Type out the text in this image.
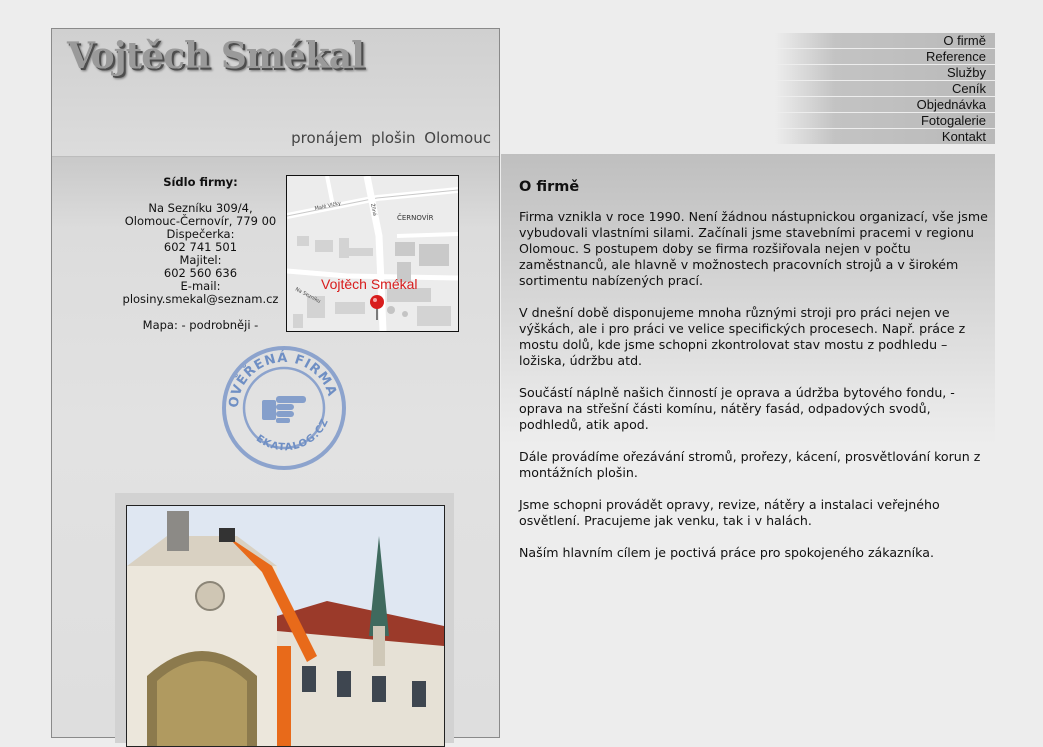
Vojtěch Smékal
pronájem plošin Olomouc
Sídlo firmy:
Na Sezníku 309/4,
Olomouc-Černovír, 779 00
Dispečerka:
602 741 501
Majitel:
602 560 636
E-mail:
plosiny.smekal@seznam.cz
Mapa: - podrobněji -
Malé Vlčky	Žilná
ČERNOVÍR
Na Sezníku
Vojtěch Smékal
OVĚŘENÁ FIRMA
EKATALOG.CZ
O firmě
Reference
Služby
Ceník
Objednávka
Fotogalerie
Kontakt
O firmě

Firma vznikla v roce 1990. Není žádnou nástupnickou organizací, vše jsme vybudovali vlastními silami. Začínali jsme stavebními pracemi v regionu Olomouc. S postupem doby se firma rozšiřovala nejen v počtu zaměstnanců, ale hlavně v možnostech pracovních strojů a v širokém sortimentu nabízených prací.

V dnešní době disponujeme mnoha různými stroji pro práci nejen ve výškách, ale i pro práci ve velice specifických procesech. Např. práce z mostu dolů, kde jsme schopni zkontrolovat stav mostu z podhledu – ložiska, údržbu atd.

Součástí náplně našich činností je oprava a údržba bytového fondu, - oprava na střešní části komínu, nátěry fasád, odpadových svodů, podhledů, atik apod.

Dále provádíme ořezávání stromů, prořezy, kácení, prosvětlování korun z montážních plošin.

Jsme schopni provádět opravy, revize, nátěry a instalaci veřejného osvětlení. Pracujeme jak venku, tak i v halách.

Naším hlavním cílem je poctivá práce pro spokojeného zákazníka.
